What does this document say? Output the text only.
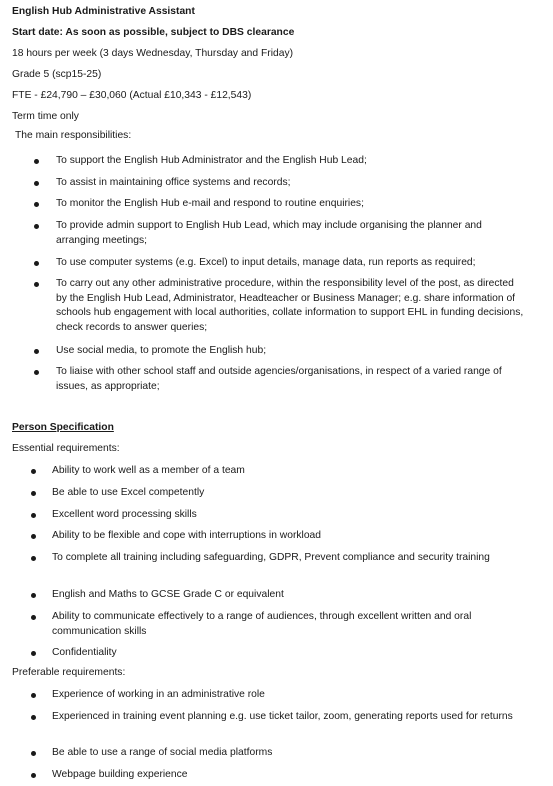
English Hub Administrative Assistant
Start date: As soon as possible, subject to DBS clearance
18 hours per week (3 days Wednesday, Thursday and Friday)
Grade 5 (scp15-25)
FTE - £24,790 – £30,060 (Actual £10,343 - £12,543)
Term time only
The main responsibilities:
To support the English Hub Administrator and the English Hub Lead;
To assist in maintaining office systems and records;
To monitor the English Hub e-mail and respond to routine enquiries;
To provide admin support to English Hub Lead, which may include organising the planner and arranging meetings;
To use computer systems (e.g. Excel) to input details, manage data, run reports as required;
To carry out any other administrative procedure, within the responsibility level of the post, as directed by the English Hub Lead, Administrator, Headteacher or Business Manager; e.g. share information of schools hub engagement with local authorities, collate information to support EHL in funding decisions, check records to answer queries;
Use social media, to promote the English hub;
To liaise with other school staff and outside agencies/organisations, in respect of a varied range of issues, as appropriate;
Person Specification
Essential requirements:
Ability to work well as a member of a team
Be able to use Excel competently
Excellent word processing skills
Ability to be flexible and cope with interruptions in workload
To complete all training including safeguarding, GDPR, Prevent compliance and security training
English and Maths to GCSE Grade C or equivalent
Ability to communicate effectively to a range of audiences, through excellent written and oral communication skills
Confidentiality
Preferable requirements:
Experience of working in an administrative role
Experienced in training event planning e.g. use ticket tailor, zoom, generating reports used for returns
Be able to use a range of social media platforms
Webpage building experience
